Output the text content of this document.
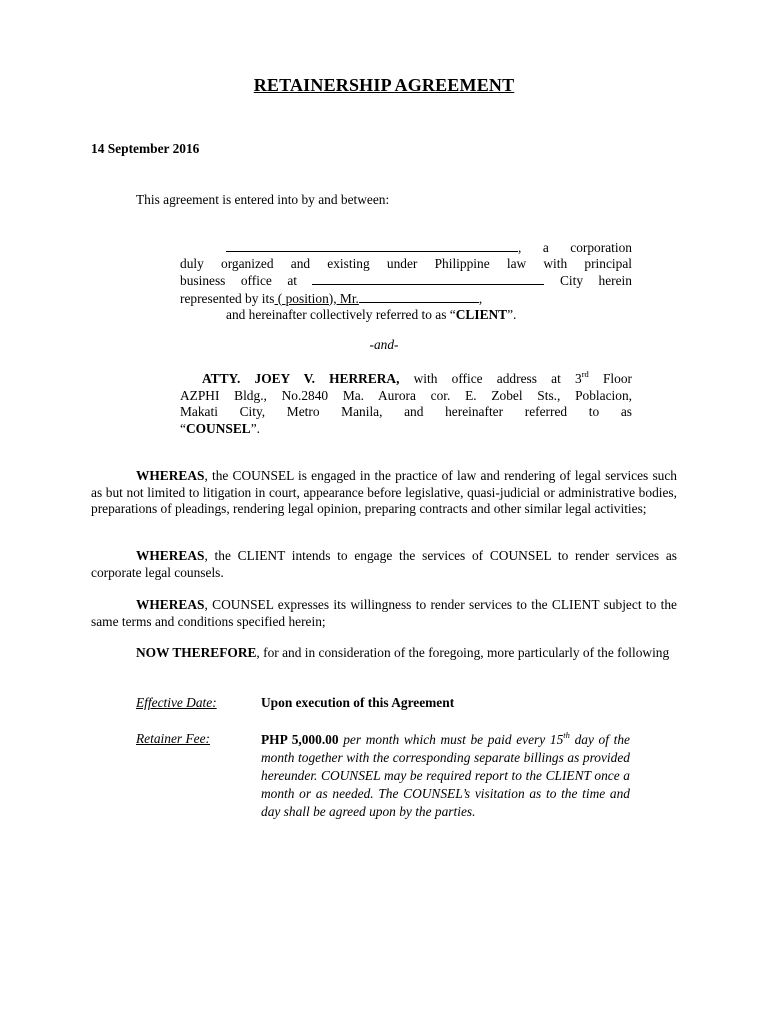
RETAINERSHIP AGREEMENT
14 September 2016
This agreement is entered into by and between:
, a corporation
duly organized and existing under Philippine law with principal
business office at	City herein
represented by its ( position), Mr.	,
and hereinafter collectively referred to as “CLIENT”.
-and-
ATTY. JOEY V. HERRERA, with office address at 3rd Floor
AZPHI Bldg., No.2840 Ma. Aurora cor. E. Zobel Sts., Poblacion,
Makati City, Metro Manila, and hereinafter referred to as
“COUNSEL”.
WHEREAS, the COUNSEL is engaged in the practice of law and rendering of legal services such as but not limited to litigation in court, appearance before legislative, quasi-judicial or administrative bodies, preparations of pleadings, rendering legal opinion, preparing contracts and other similar legal activities;
WHEREAS, the CLIENT intends to engage the services of COUNSEL to render services as corporate legal counsels.
WHEREAS, COUNSEL expresses its willingness to render services to the CLIENT subject to the same terms and conditions specified herein;
NOW THEREFORE, for and in consideration of the foregoing, more particularly of the following
Effective Date:	Upon execution of this Agreement
Retainer Fee:	PHP 5,000.00 per month which must be paid every 15th day of the month together with the corresponding separate billings as provided hereunder. COUNSEL may be required report to the CLIENT once a month or as needed. The COUNSEL’s visitation as to the time and day shall be agreed upon by the parties.
